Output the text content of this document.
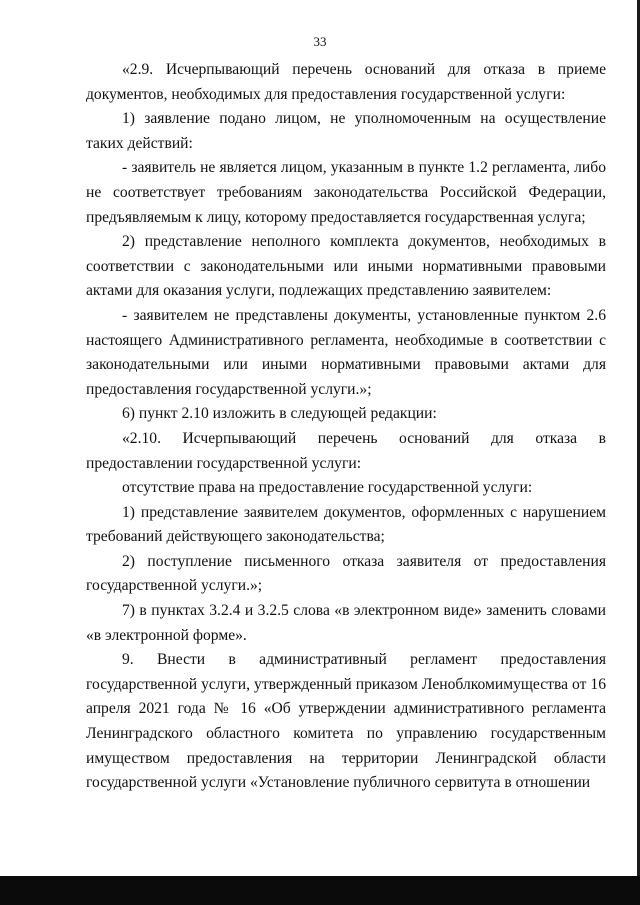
33

«2.9. Исчерпывающий перечень оснований для отказа в приеме документов, необходимых для предоставления государственной услуги:

1) заявление подано лицом, не уполномоченным на осуществление таких действий:

- заявитель не является лицом, указанным в пункте 1.2 регламента, либо не соответствует требованиям законодательства Российской Федерации, предъявляемым к лицу, которому предоставляется государственная услуга;

2) представление неполного комплекта документов, необходимых в соответствии с законодательными или иными нормативными правовыми актами для оказания услуги, подлежащих представлению заявителем:

- заявителем не представлены документы, установленные пунктом 2.6 настоящего Административного регламента, необходимые в соответствии с законодательными или иными нормативными правовыми актами для предоставления государственной услуги.»;

6) пункт 2.10 изложить в следующей редакции:

«2.10. Исчерпывающий перечень оснований для отказа в предоставлении государственной услуги:

отсутствие права на предоставление государственной услуги:

1) представление заявителем документов, оформленных с нарушением требований действующего законодательства;

2) поступление письменного отказа заявителя от предоставления государственной услуги.»;

7) в пунктах 3.2.4 и 3.2.5 слова «в электронном виде» заменить словами «в электронной форме».

9. Внести в административный регламент предоставления государственной услуги, утвержденный приказом Леноблкомимущества от 16 апреля 2021 года № 16 «Об утверждении административного регламента Ленинградского областного комитета по управлению государственным имуществом предоставления на территории Ленинградской области государственной услуги «Установление публичного сервитута в отношении
